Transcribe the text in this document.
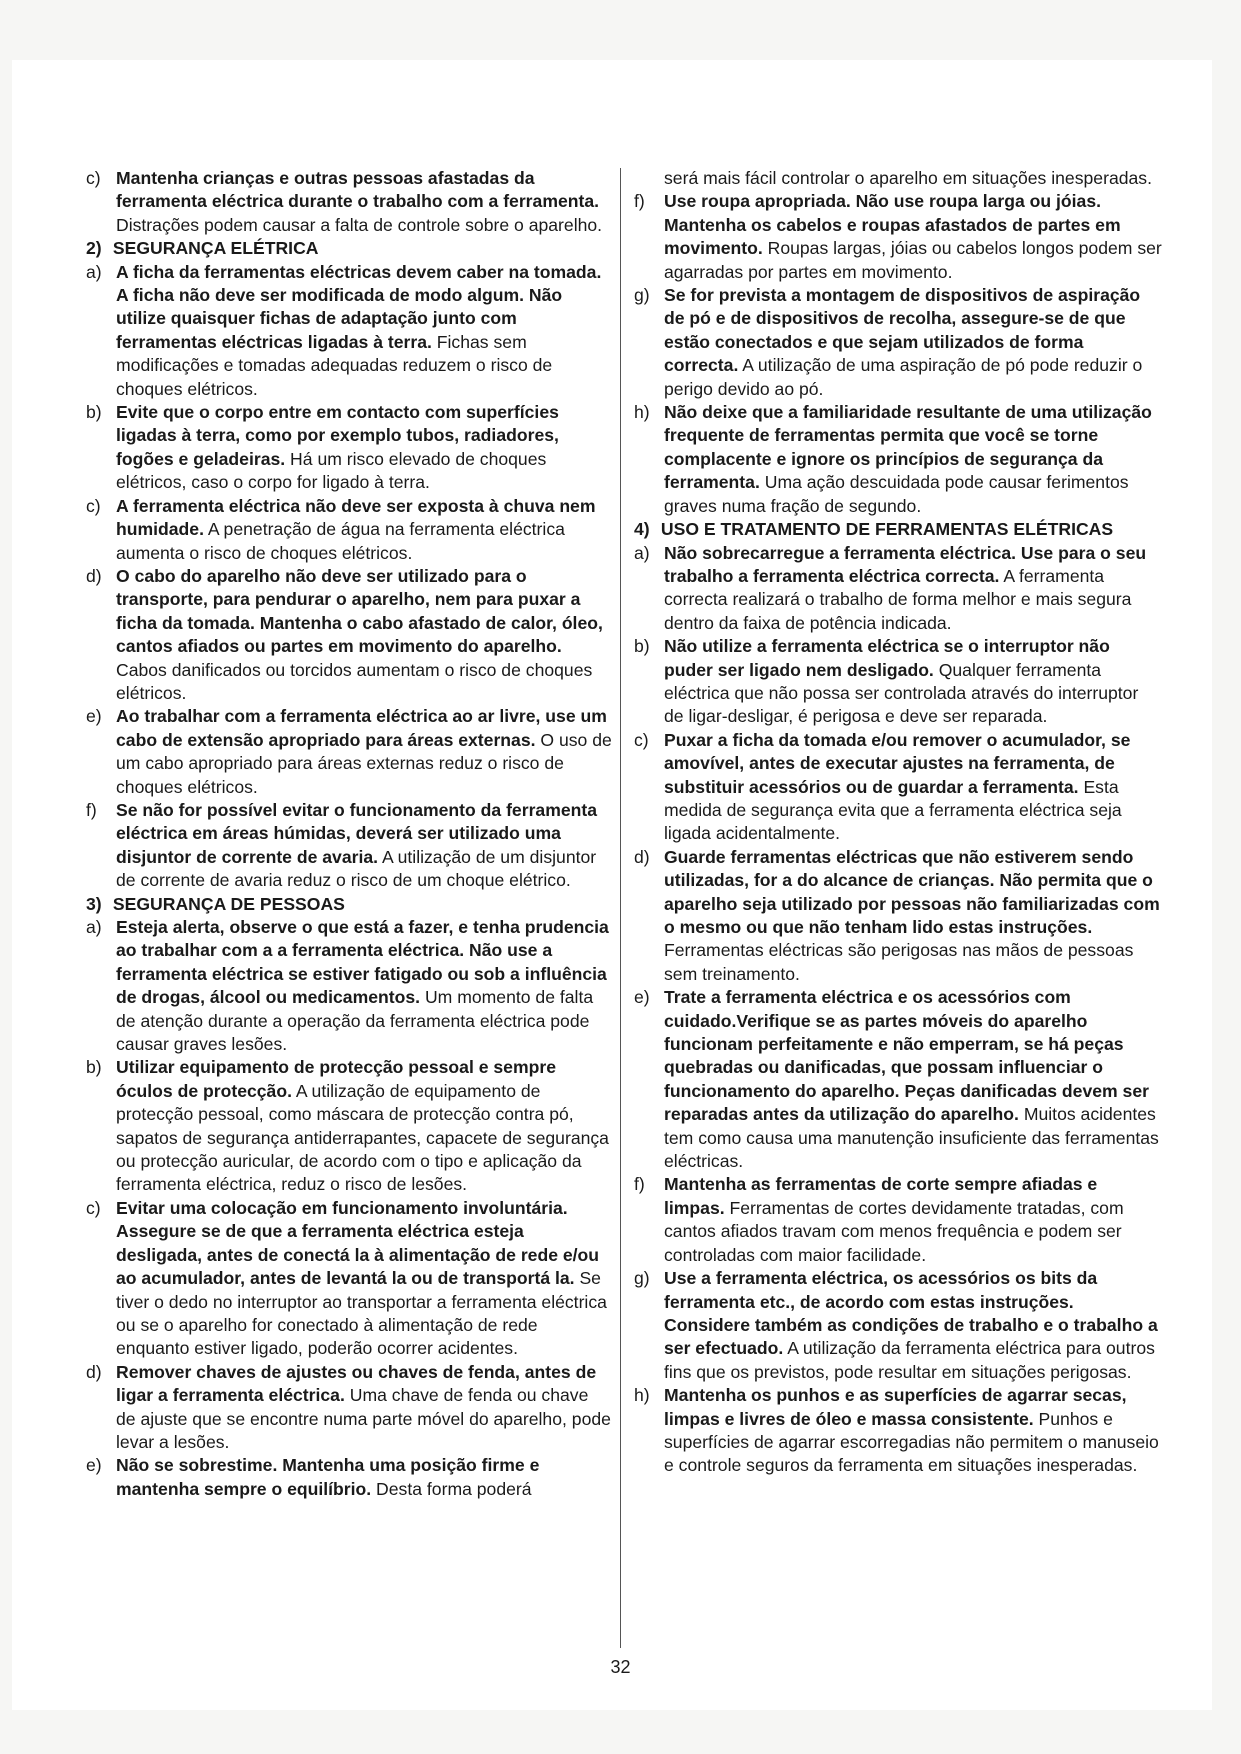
c) Mantenha crianças e outras pessoas afastadas da ferramenta eléctrica durante o trabalho com a ferramenta. Distrações podem causar a falta de controle sobre o aparelho.

2) SEGURANÇA ELÉTRICA

a) A ficha da ferramentas eléctricas devem caber na tomada. A ficha não deve ser modificada de modo algum. Não utilize quaisquer fichas de adaptação junto com ferramentas eléctricas ligadas à terra. Fichas sem modificações e tomadas adequadas reduzem o risco de choques elétricos.

b) Evite que o corpo entre em contacto com superfícies ligadas à terra, como por exemplo tubos, radiadores, fogões e geladeiras. Há um risco elevado de choques elétricos, caso o corpo for ligado à terra.

c) A ferramenta eléctrica não deve ser exposta à chuva nem humidade. A penetração de água na ferramenta eléctrica aumenta o risco de choques elétricos.

d) O cabo do aparelho não deve ser utilizado para o transporte, para pendurar o aparelho, nem para puxar a ficha da tomada. Mantenha o cabo afastado de calor, óleo, cantos afiados ou partes em movimento do aparelho. Cabos danificados ou torcidos aumentam o risco de choques elétricos.

e) Ao trabalhar com a ferramenta eléctrica ao ar livre, use um cabo de extensão apropriado para áreas externas. O uso de um cabo apropriado para áreas externas reduz o risco de choques elétricos.

f)	Se não for possível evitar o funcionamento da ferramenta eléctrica em áreas húmidas, deverá ser utilizado uma disjuntor de corrente de avaria. A utilização de um disjuntor de corrente de avaria reduz o risco de um choque elétrico.

3) SEGURANÇA DE PESSOAS

a) Esteja alerta, observe o que está a fazer, e tenha prudencia ao trabalhar com a a ferramenta eléctrica. Não use a ferramenta eléctrica se estiver fatigado ou sob a influência de drogas, álcool ou medicamentos. Um momento de falta de atenção durante a operação da ferramenta eléctrica pode causar graves lesões.

b) Utilizar equipamento de protecção pessoal e sempre óculos de protecção. A utilização de equipamento de protecção pessoal, como máscara de protecção contra pó, sapatos de segurança antiderrapantes, capacete de segurança ou protecção auricular, de acordo com o tipo e aplicação da ferramenta eléctrica, reduz o risco de lesões.

c) Evitar uma colocação em funcionamento involuntária. Assegure se de que a ferramenta eléctrica esteja desligada, antes de conectá la à alimentação de rede e/ou ao acumulador, antes de levantá la ou de transportá la. Se tiver o dedo no interruptor ao transportar a ferramenta eléctrica ou se o aparelho for conectado à alimentação de rede enquanto estiver ligado, poderão ocorrer acidentes.

d) Remover chaves de ajustes ou chaves de fenda, antes de ligar a ferramenta eléctrica. Uma chave de fenda ou chave de ajuste que se encontre numa parte móvel do aparelho, pode levar a lesões.

e) Não se sobrestime. Mantenha uma posição firme e mantenha sempre o equilíbrio. Desta forma poderá

será mais fácil controlar o aparelho em situações inesperadas.

f)	Use roupa apropriada. Não use roupa larga ou jóias. Mantenha os cabelos e roupas afastados de partes em movimento. Roupas largas, jóias ou cabelos longos podem ser agarradas por partes em movimento.

g) Se for prevista a montagem de dispositivos de aspiração de pó e de dispositivos de recolha, assegure-se de que estão conectados e que sejam utilizados de forma correcta. A utilização de uma aspiração de pó pode reduzir o perigo devido ao pó.

h) Não deixe que a familiaridade resultante de uma utilização frequente de ferramentas permita que você se torne complacente e ignore os princípios de segurança da ferramenta. Uma ação descuidada pode causar ferimentos graves numa fração de segundo.

4) USO E TRATAMENTO DE FERRAMENTAS ELÉTRICAS

a) Não sobrecarregue a ferramenta eléctrica. Use para o seu trabalho a ferramenta eléctrica correcta. A ferramenta correcta realizará o trabalho de forma melhor e mais segura dentro da faixa de potência indicada.

b) Não utilize a ferramenta eléctrica se o interruptor não puder ser ligado nem desligado. Qualquer ferramenta eléctrica que não possa ser controlada através do interruptor de ligar-desligar, é perigosa e deve ser reparada.

c) Puxar a ficha da tomada e/ou remover o acumulador, se amovível, antes de executar ajustes na ferramenta, de substituir acessórios ou de guardar a ferramenta. Esta medida de segurança evita que a ferramenta eléctrica seja ligada acidentalmente.

d) Guarde ferramentas eléctricas que não estiverem sendo utilizadas, for a do alcance de crianças. Não permita que o aparelho seja utilizado por pessoas não familiarizadas com o mesmo ou que não tenham lido estas instruções. Ferramentas eléctricas são perigosas nas mãos de pessoas sem treinamento.

e) Trate a ferramenta eléctrica e os acessórios com cuidado.Verifique se as partes móveis do aparelho funcionam perfeitamente e não emperram, se há peças quebradas ou danificadas, que possam influenciar o funcionamento do aparelho. Peças danificadas devem ser reparadas antes da utilização do aparelho. Muitos acidentes tem como causa uma manutenção insuficiente das ferramentas eléctricas.

f)	Mantenha as ferramentas de corte sempre afiadas e limpas. Ferramentas de cortes devidamente tratadas, com cantos afiados travam com menos frequência e podem ser controladas com maior facilidade.

g) Use a ferramenta eléctrica, os acessórios os bits da ferramenta etc., de acordo com estas instruções. Considere também as condições de trabalho e o trabalho a ser efectuado. A utilização da ferramenta eléctrica para outros fins que os previstos, pode resultar em situações perigosas.

h) Mantenha os punhos e as superfícies de agarrar secas, limpas e livres de óleo e massa consistente. Punhos e superfícies de agarrar escorregadias não permitem o manuseio e controle seguros da ferramenta em situações inesperadas.

32
